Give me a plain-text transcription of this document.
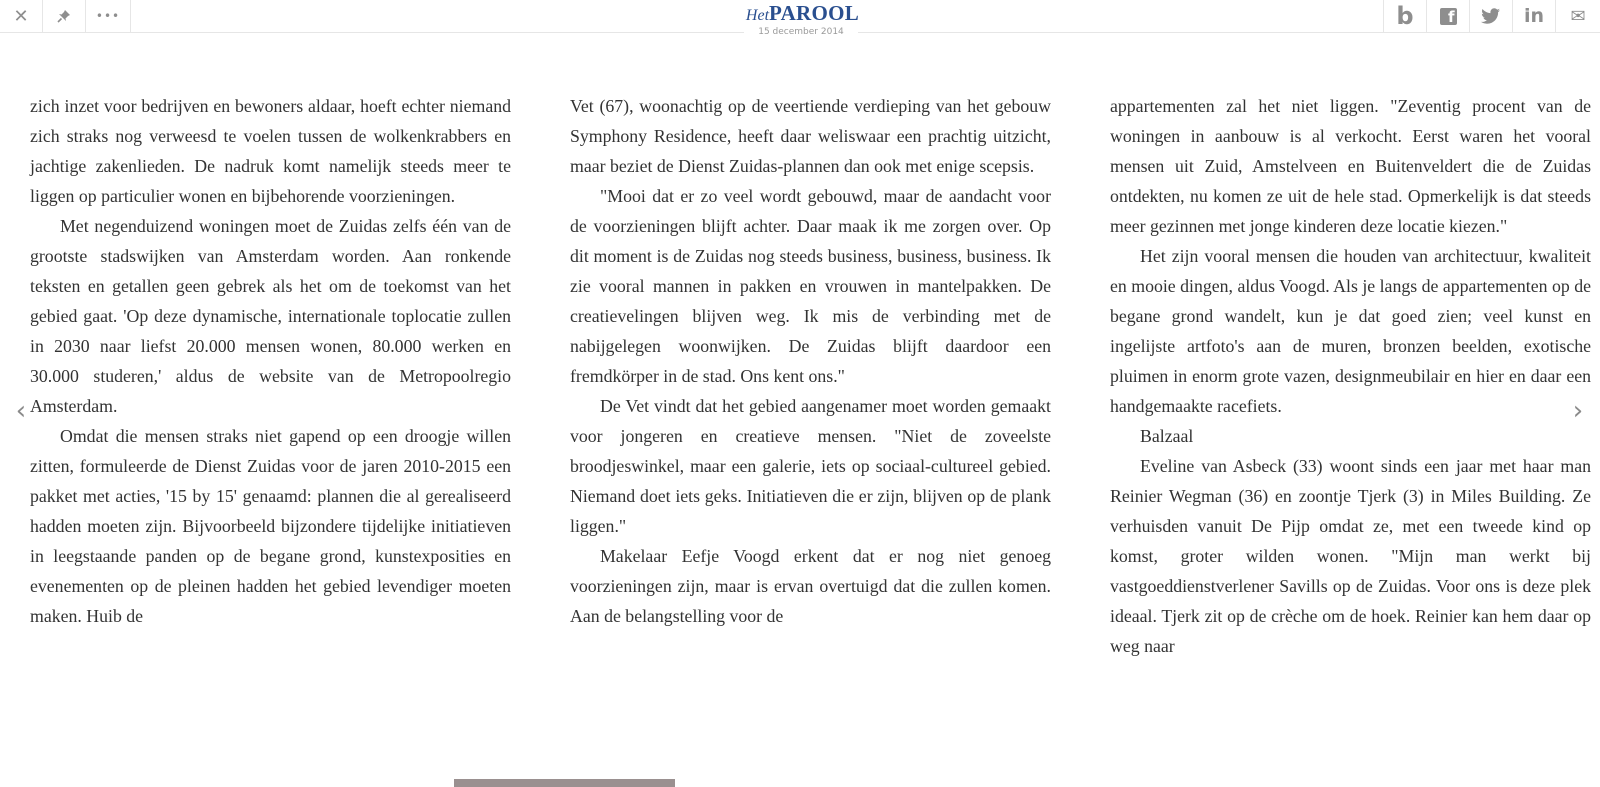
✕	•••	HetPAROOL	b f	in ✉
15 december 2014

zich inzet voor bedrijven en bewoners aldaar, hoeft echter niemand zich straks nog verweesd te voelen tussen de wolkenkrabbers en jachtige zakenlieden. De nadruk komt namelijk steeds meer te liggen op particulier wonen en bijbehorende voorzieningen.

Met negenduizend woningen moet de Zuidas zelfs één van de grootste stadswijken van Amsterdam worden. Aan ronkende teksten en getallen geen gebrek als het om de toekomst van het gebied gaat. 'Op deze dynamische, internationale toplocatie zullen in 2030 naar liefst 20.000 mensen wonen, 80.000 werken en 30.000 studeren,' aldus de website van de Metropoolregio Amsterdam.

Omdat die mensen straks niet gapend op een droogje willen zitten, formuleerde de Dienst Zuidas voor de jaren 2010-2015 een pakket met acties, '15 by 15' genaamd: plannen die al gerealiseerd hadden moeten zijn. Bijvoorbeeld bijzondere tijdelijke initiatieven in leegstaande panden op de begane grond, kunstexposities en evenementen op de pleinen hadden het gebied levendiger moeten maken. Huib de

Vet (67), woonachtig op de veertiende verdieping van het gebouw Symphony Residence, heeft daar weliswaar een prachtig uitzicht, maar beziet de Dienst Zuidas-plannen dan ook met enige scepsis.

"Mooi dat er zo veel wordt gebouwd, maar de aandacht voor de voorzieningen blijft achter. Daar maak ik me zorgen over. Op dit moment is de Zuidas nog steeds business, business, business. Ik zie vooral mannen in pakken en vrouwen in mantelpakken. De creatievelingen blijven weg. Ik mis de verbinding met de nabijgelegen woonwijken. De Zuidas blijft daardoor een fremdkörper in de stad. Ons kent ons."

De Vet vindt dat het gebied aangenamer moet worden gemaakt voor jongeren en creatieve mensen. "Niet de zoveelste broodjeswinkel, maar een galerie, iets op sociaal-cultureel gebied. Niemand doet iets geks. Initiatieven die er zijn, blijven op de plank liggen."

Makelaar Eefje Voogd erkent dat er nog niet genoeg voorzieningen zijn, maar is ervan overtuigd dat die zullen komen. Aan de belangstelling voor de

appartementen zal het niet liggen. "Zeventig procent van de woningen in aanbouw is al verkocht. Eerst waren het vooral mensen uit Zuid, Amstelveen en Buitenveldert die de Zuidas ontdekten, nu komen ze uit de hele stad. Opmerkelijk is dat steeds meer gezinnen met jonge kinderen deze locatie kiezen."

Het zijn vooral mensen die houden van architectuur, kwaliteit en mooie dingen, aldus Voogd. Als je langs de appartementen op de begane grond wandelt, kun je dat goed zien; veel kunst en ingelijste artfoto's aan de muren, bronzen beelden, exotische pluimen in enorm grote vazen, designmeubilair en hier en daar een handgemaakte racefiets.

Balzaal

Eveline van Asbeck (33) woont sinds een jaar met haar man Reinier Wegman (36) en zoontje Tjerk (3) in Miles Building. Ze verhuisden vanuit De Pijp omdat ze, met een tweede kind op komst, groter wilden wonen. "Mijn man werkt bij vastgoeddienstverlener Savills op de Zuidas. Voor ons is deze plek ideaal. Tjerk zit op de crèche om de hoek. Reinier kan hem daar op weg naar

‹	›
